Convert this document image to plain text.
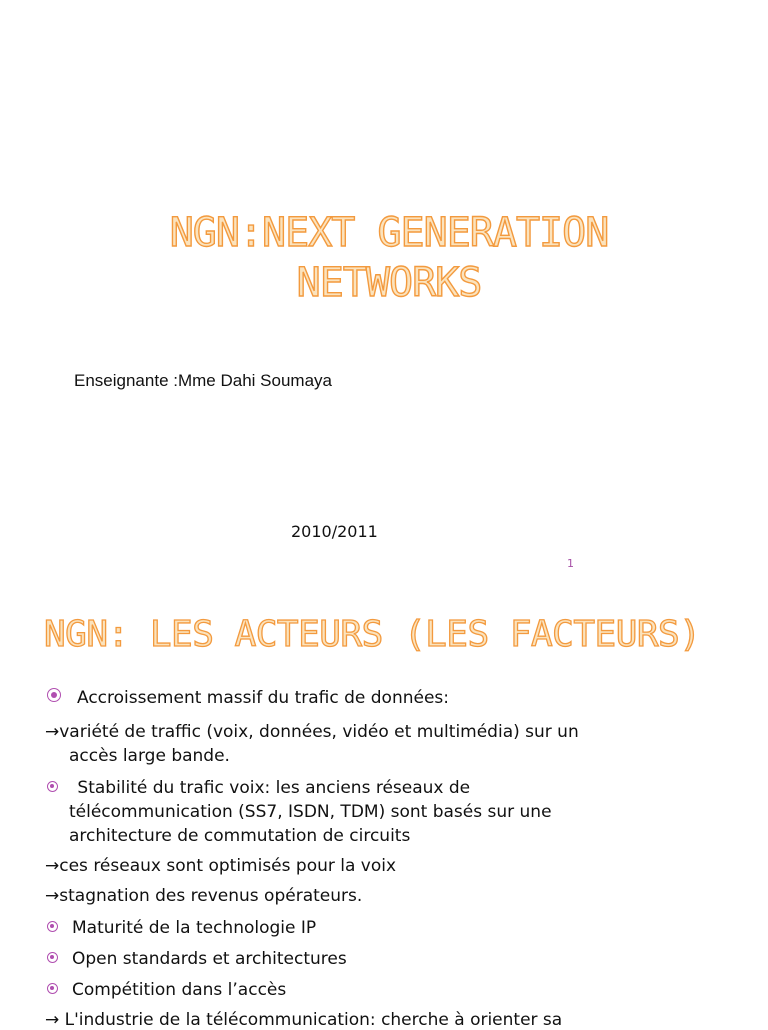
NGN:NEXT GENERATION
NETWORKS
Enseignante :Mme Dahi Soumaya
2010/2011
1
NGN: LES ACTEURS (LES FACTEURS)
Accroissement massif du trafic de données:
→variété de traffic (voix, données, vidéo et multimédia) sur un
accès large bande.
Stabilité du trafic voix: les anciens réseaux de
télécommunication (SS7, ISDN, TDM) sont basés sur une
architecture de commutation de circuits
→ces réseaux sont optimisés pour la voix
→stagnation des revenus opérateurs.
Maturité de la technologie IP
Open standards et architectures
Compétition dans l’accès
→ L'industrie de la télécommunication: cherche à orienter sa
